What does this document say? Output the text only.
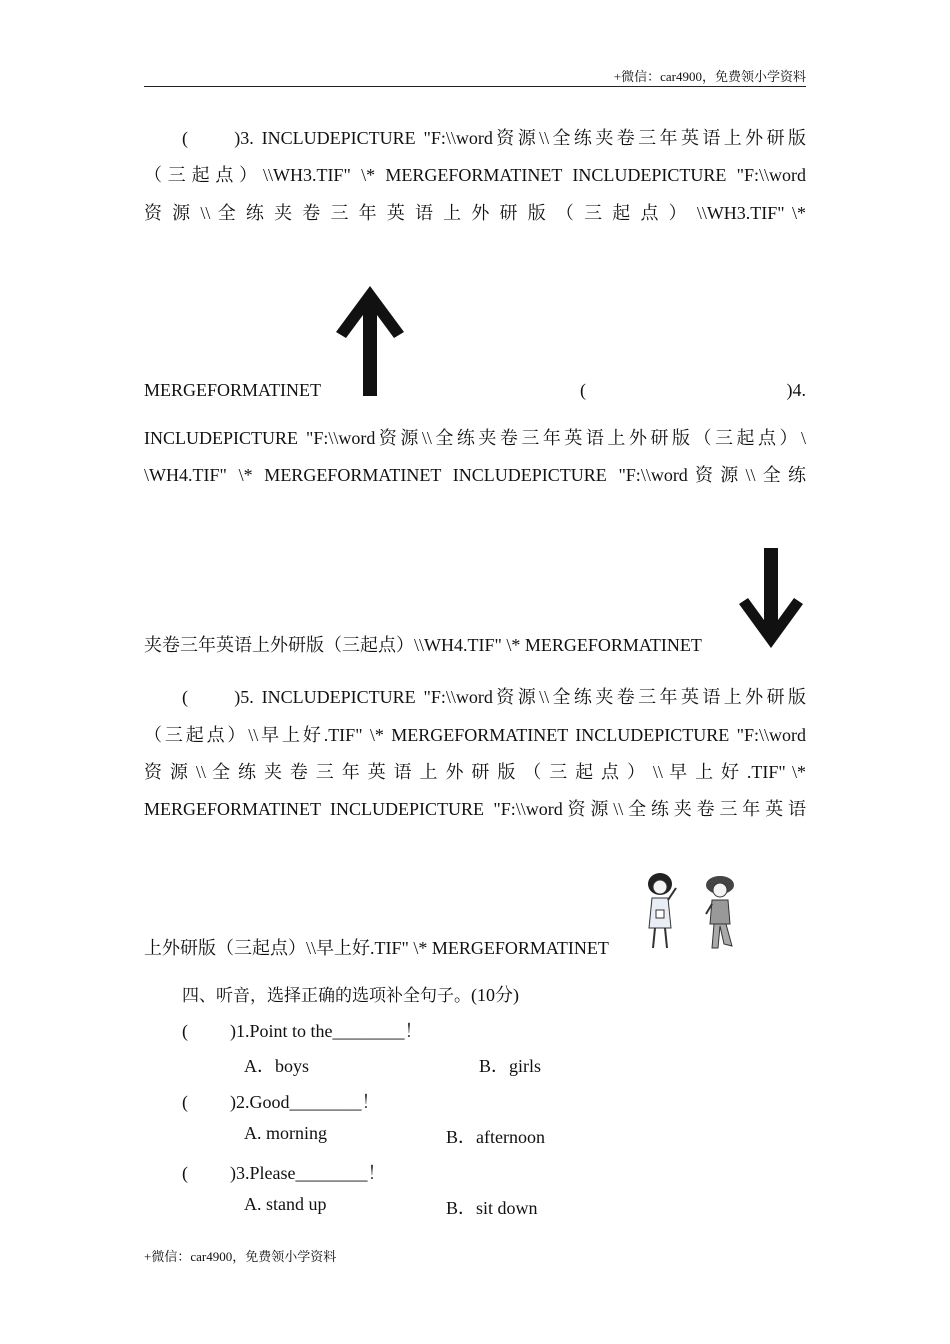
+微信：car4900，免费领小学资料
(　　)3. INCLUDEPICTURE "F:\\word资源\\全练夹卷三年英语上外研版
（三起点）\\WH3.TIF" \* MERGEFORMATINET INCLUDEPICTURE "F:\\word
资 源 \\ 全 练 夹 卷 三 年 英 语 上 外 研 版 （ 三 起 点 ） \\WH3.TIF" \*
MERGEFORMATINET	(	)4.
INCLUDEPICTURE "F:\\word资源\\全练夹卷三年英语上外研版（三起点）\
\WH4.TIF" \* MERGEFORMATINET INCLUDEPICTURE "F:\\word资源\\全练
夹卷三年英语上外研版（三起点）\\WH4.TIF" \* MERGEFORMATINET
(　　)5. INCLUDEPICTURE "F:\\word资源\\全练夹卷三年英语上外研版
（三起点）\\早上好.TIF" \* MERGEFORMATINET INCLUDEPICTURE "F:\\word
资 源 \\ 全 练 夹 卷 三 年 英 语 上 外 研 版 （ 三 起 点 ） \\ 早 上 好 .TIF" \*
MERGEFORMATINET INCLUDEPICTURE "F:\\word资源\\全练夹卷三年英语
上外研版（三起点）\\早上好.TIF" \* MERGEFORMATINET
四、听音，选择正确的选项补全句子。(10分)
( )1.Point to the________！
A．boys	B．girls
( )2.Good________！
A. morning	B．afternoon
( )3.Please________！
A. stand up	B．sit down
+微信：car4900，免费领小学资料
